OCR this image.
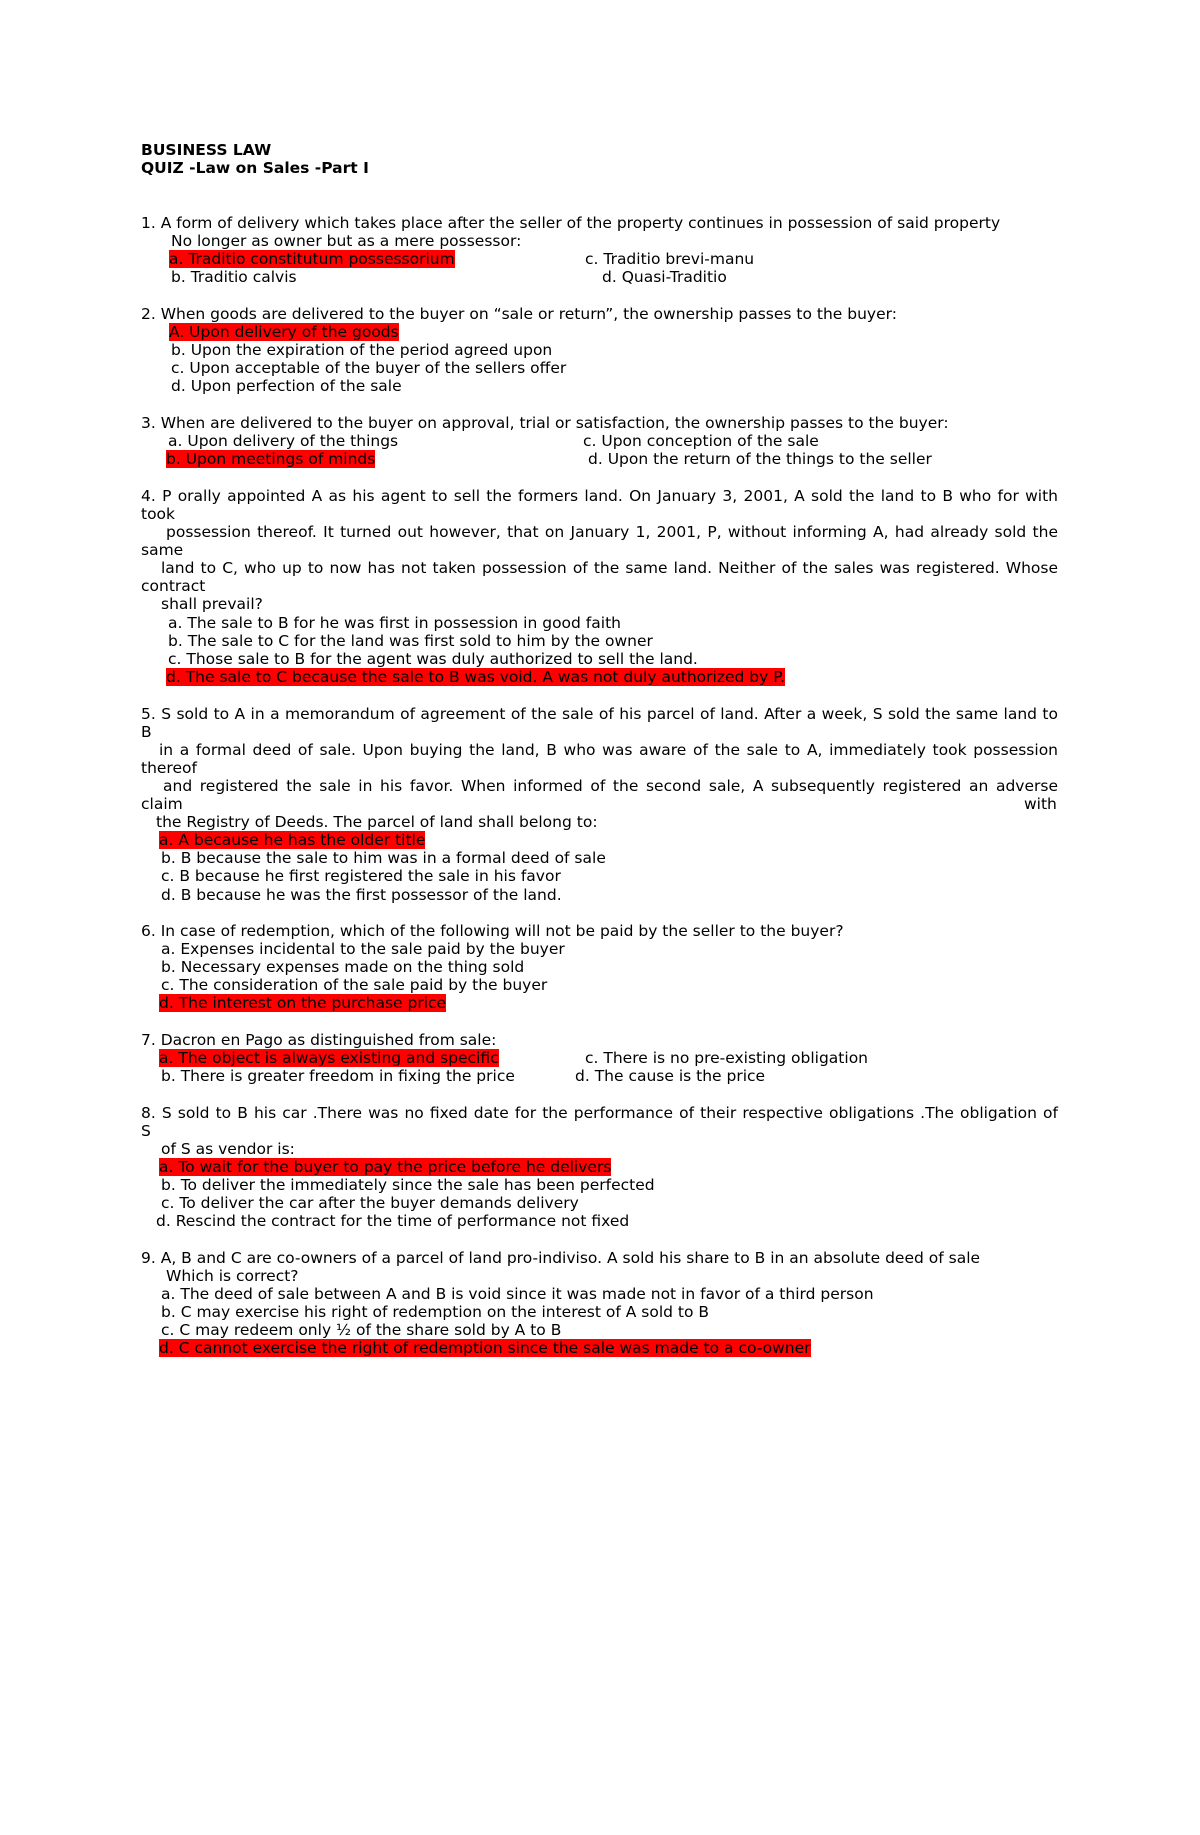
BUSINESS LAW
QUIZ -Law on Sales -Part I
1. A form of delivery which takes place after the seller of the property continues in possession of said property
No longer as owner but as a mere possessor:
a. Traditio constitutum possessorium	c. Traditio brevi-manu
b. Traditio calvis	d. Quasi-Traditio
2. When goods are delivered to the buyer on “sale or return”, the ownership passes to the buyer:
A. Upon delivery of the goods
b. Upon the expiration of the period agreed upon
c. Upon acceptable of the buyer of the sellers offer
d. Upon perfection of the sale
3. When are delivered to the buyer on approval, trial or satisfaction, the ownership passes to the buyer:
a. Upon delivery of the things	c. Upon conception of the sale
b. Upon meetings of minds	d. Upon the return of the things to the seller
4. P orally appointed A as his agent to sell the formers land. On January 3, 2001, A sold the land to B who for with
took
possession thereof. It turned out however, that on January 1, 2001, P, without informing A, had already sold the
same
land to C, who up to now has not taken possession of the same land. Neither of the sales was registered. Whose
contract
shall prevail?
a. The sale to B for he was first in possession in good faith
b. The sale to C for the land was first sold to him by the owner
c. Those sale to B for the agent was duly authorized to sell the land.
d. The sale to C because the sale to B was void. A was not duly authorized by P.
5. S sold to A in a memorandum of agreement of the sale of his parcel of land. After a week, S sold the same land to
B
in a formal deed of sale. Upon buying the land, B who was aware of the sale to A, immediately took possession
thereof
and registered the sale in his favor. When informed of the second sale, A subsequently registered an adverse
claim	with
the Registry of Deeds. The parcel of land shall belong to:
a. A because he has the older title
b. B because the sale to him was in a formal deed of sale
c. B because he first registered the sale in his favor
d. B because he was the first possessor of the land.
6. In case of redemption, which of the following will not be paid by the seller to the buyer?
a. Expenses incidental to the sale paid by the buyer
b. Necessary expenses made on the thing sold
c. The consideration of the sale paid by the buyer
d. The interest on the purchase price
7. Dacron en Pago as distinguished from sale:
a. The object is always existing and specific	c. There is no pre-existing obligation
b. There is greater freedom in fixing the price	d. The cause is the price
8. S sold to B his car .There was no fixed date for the performance of their respective obligations .The obligation of
S
of S as vendor is:
a. To wait for the buyer to pay the price before he delivers
b. To deliver the immediately since the sale has been perfected
c. To deliver the car after the buyer demands delivery
d. Rescind the contract for the time of performance not fixed
9. A, B and C are co-owners of a parcel of land pro-indiviso. A sold his share to B in an absolute deed of sale
Which is correct?
a. The deed of sale between A and B is void since it was made not in favor of a third person
b. C may exercise his right of redemption on the interest of A sold to B
c. C may redeem only ½ of the share sold by A to B
d. C cannot exercise the right of redemption since the sale was made to a co-owner
